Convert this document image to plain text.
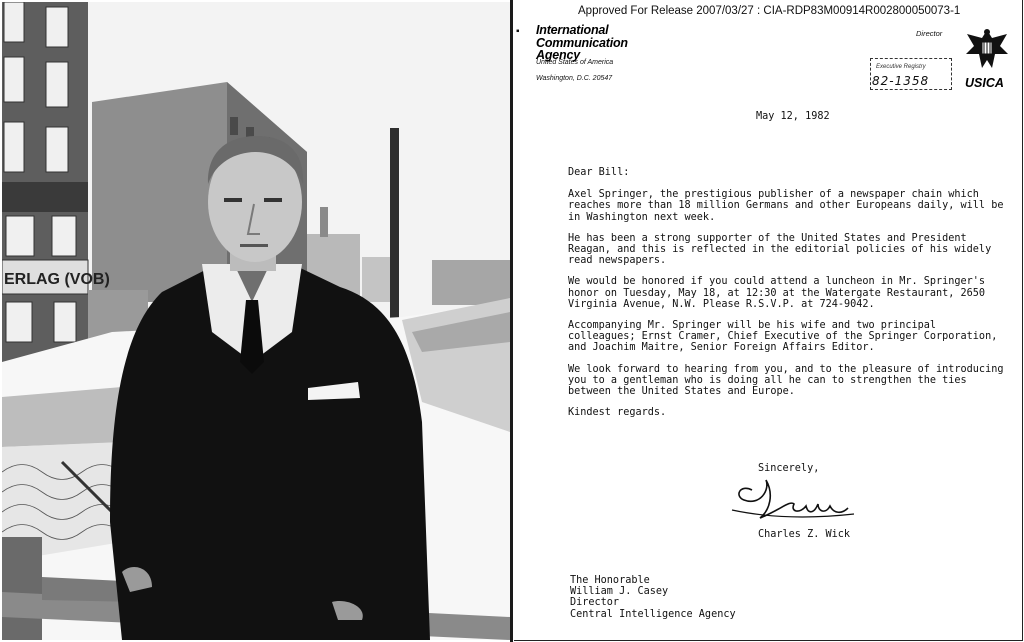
ERLAG (VOB)
Approved For Release 2007/03/27 : CIA-RDP83M00914R002800050073-1
▪ International
Communication
Agency
United States of America
Washington, D.C. 20547
Director
Executive Registry
82-1358	USICA
May 12, 1982

Dear Bill:

Axel Springer, the prestigious publisher of a newspaper chain which reaches more than 18 million Germans and other Europeans daily, will be in Washington next week.

He has been a strong supporter of the United States and President Reagan, and this is reflected in the editorial policies of his widely read newspapers.

We would be honored if you could attend a luncheon in Mr. Springer's honor on Tuesday, May 18, at 12:30 at the Watergate Restaurant, 2650 Virginia Avenue, N.W. Please R.S.V.P. at 724-9042.

Accompanying Mr. Springer will be his wife and two principal colleagues; Ernst Cramer, Chief Executive of the Springer Corporation, and Joachim Maitre, Senior Foreign Affairs Editor.

We look forward to hearing from you, and to the pleasure of introducing you to a gentleman who is doing all he can to strengthen the ties between the United States and Europe.

Kindest regards.

Sincerely,
Charles Z. Wick
The Honorable
William J. Casey
Director
Central Intelligence Agency
